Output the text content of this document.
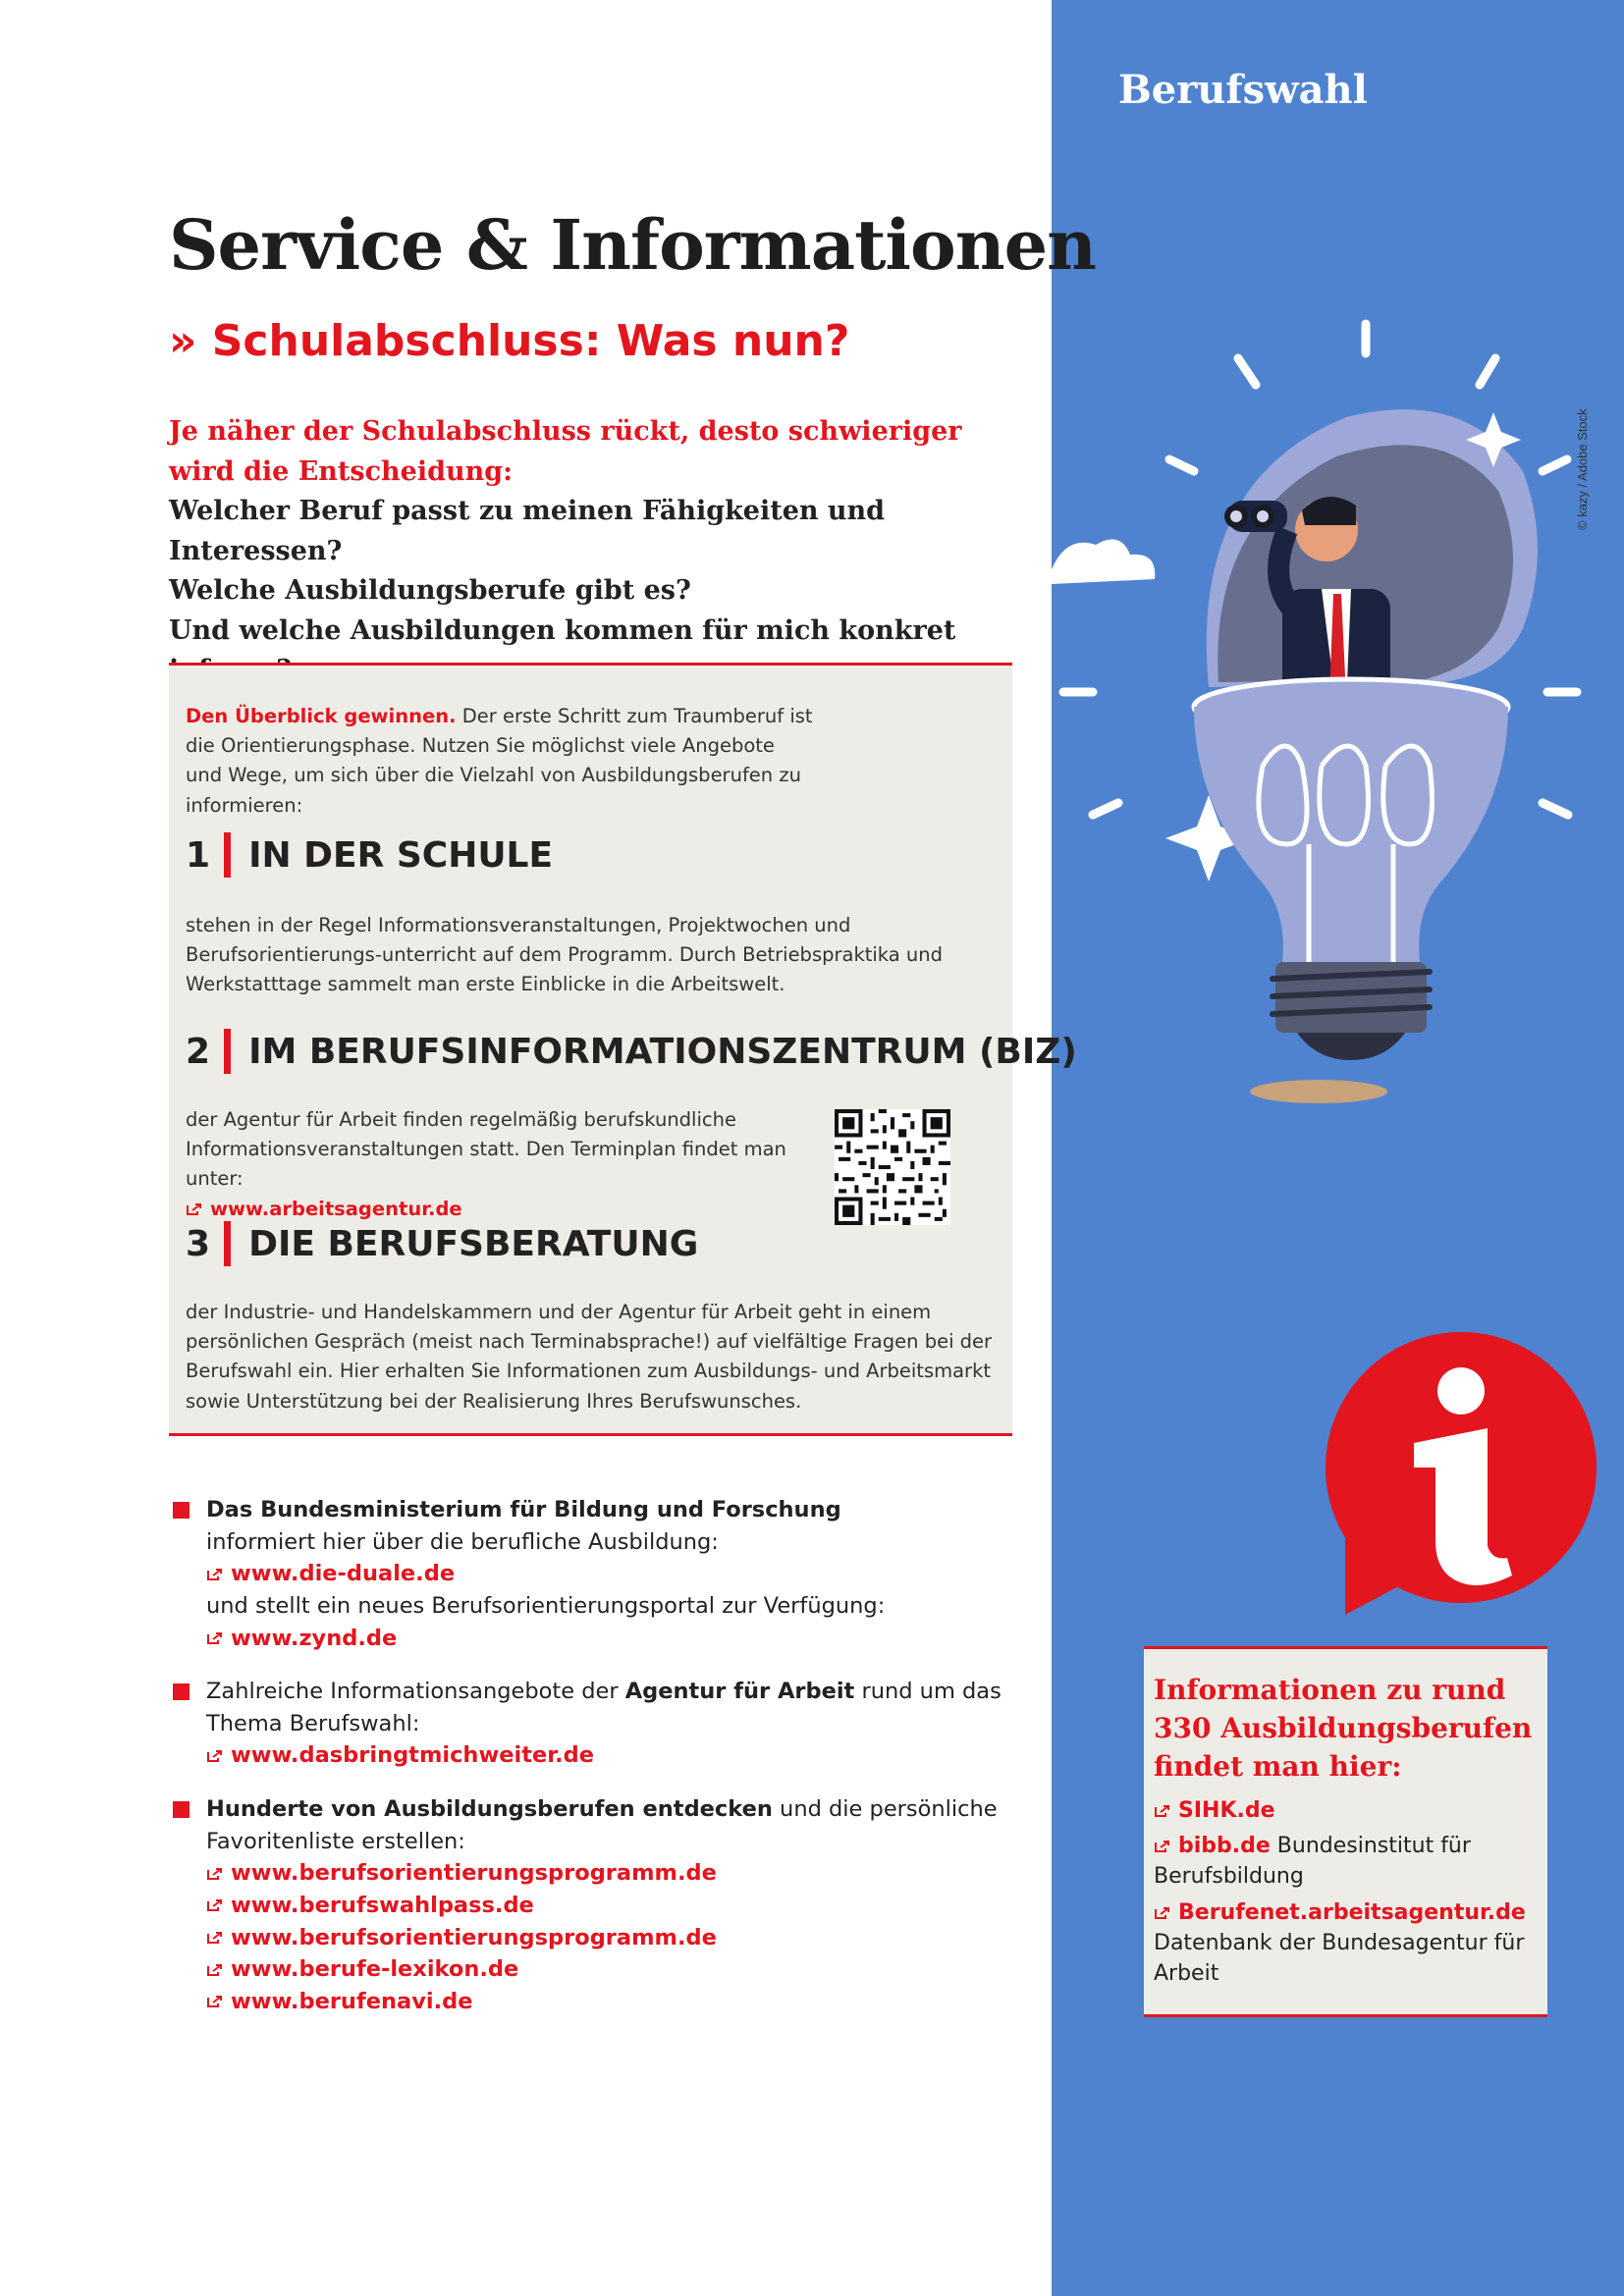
Berufswahl
© kazy / Adobe Stock
Service & Informationen
» Schulabschluss: Was nun?
Je näher der Schulabschluss rückt, desto schwieriger wird die Entscheidung:
Welcher Beruf passt zu meinen Fähigkeiten und Interessen?
Welche Ausbildungsberufe gibt es?
Und welche Ausbildungen kommen für mich konkret
Den Überblick gewinnen. Der erste Schritt zum Traumberuf ist die Orientierungsphase. Nutzen Sie möglichst viele Angebote und Wege, um sich über die Vielzahl von Ausbildungsberufen zu informieren:
1 IN DER SCHULE
stehen in der Regel Informationsveranstaltungen, Projektwochen und Berufsorientierungs-unterricht auf dem Programm. Durch Betriebspraktika und Werkstatttage sammelt man erste Einblicke in die Arbeitswelt.
2 IM BERUFSINFORMATIONSZENTRUM (BIZ)
der Agentur für Arbeit finden regelmäßig berufskundliche Informationsveranstaltungen statt. Den Terminplan findet man unter:
www.arbeitsagentur.de
3 DIE BERUFSBERATUNG
der Industrie- und Handelskammern und der Agentur für Arbeit geht in einem persönlichen Gespräch (meist nach Terminabsprache!) auf vielfältige Fragen bei der Berufswahl ein. Hier erhalten Sie Informationen zum Ausbildungs- und Arbeitsmarkt sowie Unterstützung bei der Realisierung Ihres Berufswunsches.
Das Bundesministerium für Bildung und Forschung
informiert hier über die berufliche Ausbildung:
www.die-duale.de
und stellt ein neues Berufsorientierungsportal zur Verfügung:
www.zynd.de
Zahlreiche Informationsangebote der Agentur für Arbeit rund um das Thema Berufswahl:
www.dasbringtmichweiter.de
Hunderte von Ausbildungsberufen entdecken und die persönliche Favoritenliste erstellen:
www.berufsorientierungsprogramm.de
www.berufswahlpass.de
www.berufsorientierungsprogramm.de
www.berufe-lexikon.de
www.berufenavi.de
Informationen zu rund 330 Ausbildungsberufen findet man hier:
SIHK.de
bibb.de Bundesinstitut für Berufsbildung
Berufenet.arbeitsagentur.de Datenbank der Bundesagentur für Arbeit
